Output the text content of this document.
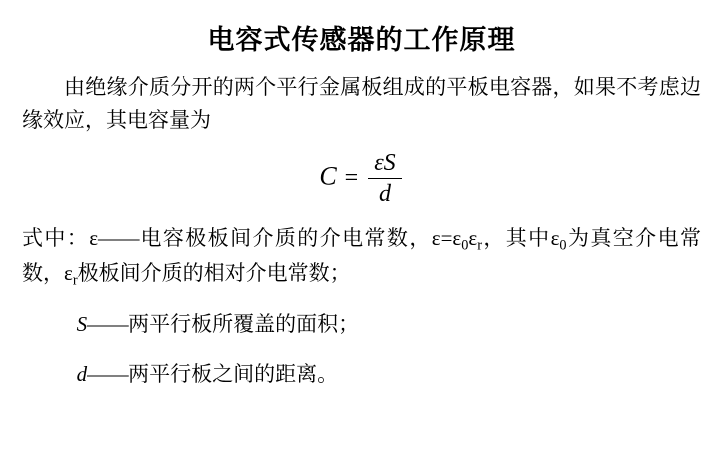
电容式传感器的工作原理

由绝缘介质分开的两个平行金属板组成的平板电容器，如果不考虑边缘效应，其电容量为

$C = \frac{\varepsilon S}{d}$

式中：ε——电容极板间介质的介电常数，$\varepsilon=\varepsilon_0\varepsilon_r$，其中$\varepsilon_0$为真空介电常数，$\varepsilon_r$极板间介质的相对介电常数；

S——两平行板所覆盖的面积；

d——两平行板之间的距离。
